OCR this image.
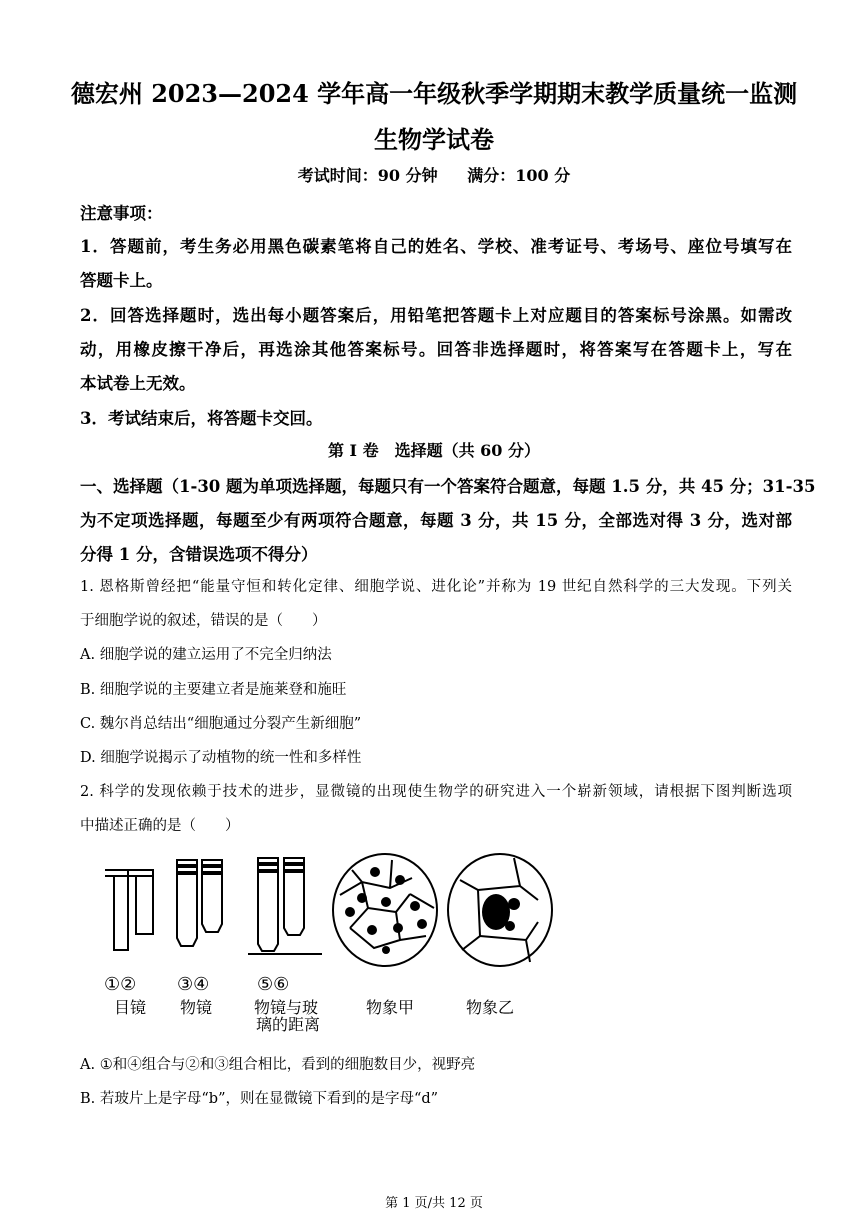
德宏州 2023—2024 学年高一年级秋季学期期末教学质量统一监测
生物学试卷
考试时间：90 分钟 满分：100 分
注意事项：
1．答题前，考生务必用黑色碳素笔将自己的姓名、学校、准考证号、考场号、座位号填写在
答题卡上。
2．回答选择题时，选出每小题答案后，用铅笔把答题卡上对应题目的答案标号涂黑。如需改
动，用橡皮擦干净后，再选涂其他答案标号。回答非选择题时，将答案写在答题卡上，写在
本试卷上无效。
3．考试结束后，将答题卡交回。
第 I 卷　选择题（共 60 分）
一、选择题（1-30 题为单项选择题，每题只有一个答案符合题意，每题 1.5 分，共 45 分；31-35
为不定项选择题，每题至少有两项符合题意，每题 3 分，共 15 分，全部选对得 3 分，选对部
分得 1 分，含错误选项不得分）
1. 恩格斯曾经把“能量守恒和转化定律、细胞学说、进化论”并称为 19 世纪自然科学的三大发现。下列关
于细胞学说的叙述，错误的是（　　）
A. 细胞学说的建立运用了不完全归纳法
B. 细胞学说的主要建立者是施莱登和施旺
C. 魏尔肖总结出“细胞通过分裂产生新细胞”
D. 细胞学说揭示了动植物的统一性和多样性
2. 科学的发现依赖于技术的进步，显微镜的出现使生物学的研究进入一个崭新领域，请根据下图判断选项
中描述正确的是（　　）
①② ③④	⑤⑥
目镜 物镜	物镜与玻
璃的距离
物象甲	物象乙
A. ①和④组合与②和③组合相比，看到的细胞数目少，视野亮
B. 若玻片上是字母“b”，则在显微镜下看到的是字母“d”
第 1 页/共 12 页
